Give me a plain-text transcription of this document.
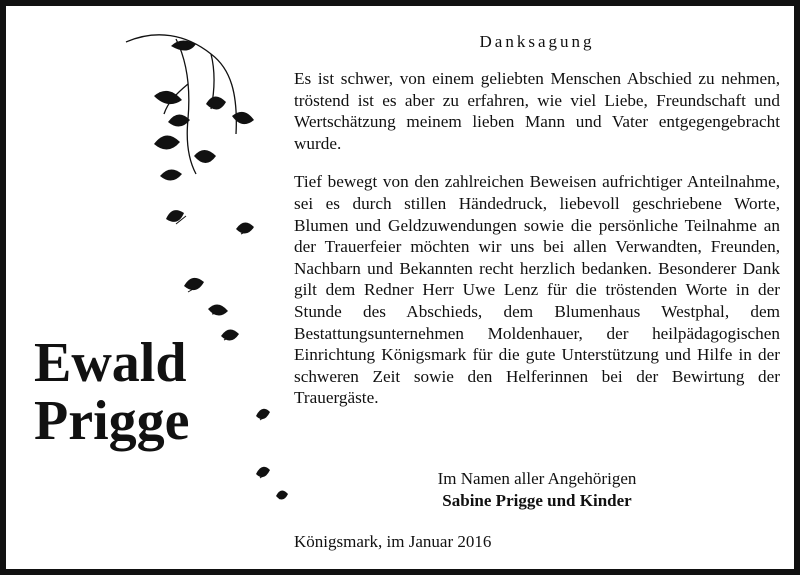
Ewald
Prigge
Danksagung

Es ist schwer, von einem geliebten Menschen Abschied zu nehmen, tröstend ist es aber zu erfahren, wie viel Liebe, Freundschaft und Wertschätzung meinem lieben Mann und Vater entgegengebracht wurde.

Tief bewegt von den zahlreichen Beweisen aufrichtiger Anteilnahme, sei es durch stillen Händedruck, liebevoll geschriebene Worte, Blumen und Geldzuwendungen sowie die persönliche Teilnahme an der Trauerfeier möchten wir uns bei allen Verwandten, Freunden, Nachbarn und Bekannten recht herzlich bedanken. Besonderer Dank gilt dem Redner Herr Uwe Lenz für die tröstenden Worte in der Stunde des Abschieds, dem Blumenhaus Westphal, dem Bestattungsunternehmen Moldenhauer, der heilpädagogischen Einrichtung Königsmark für die gute Unterstützung und Hilfe in der schweren Zeit sowie den Helferinnen bei der Bewirtung der Trauergäste.

Im Namen aller Angehörigen
Sabine Prigge und Kinder
Königsmark, im Januar 2016
